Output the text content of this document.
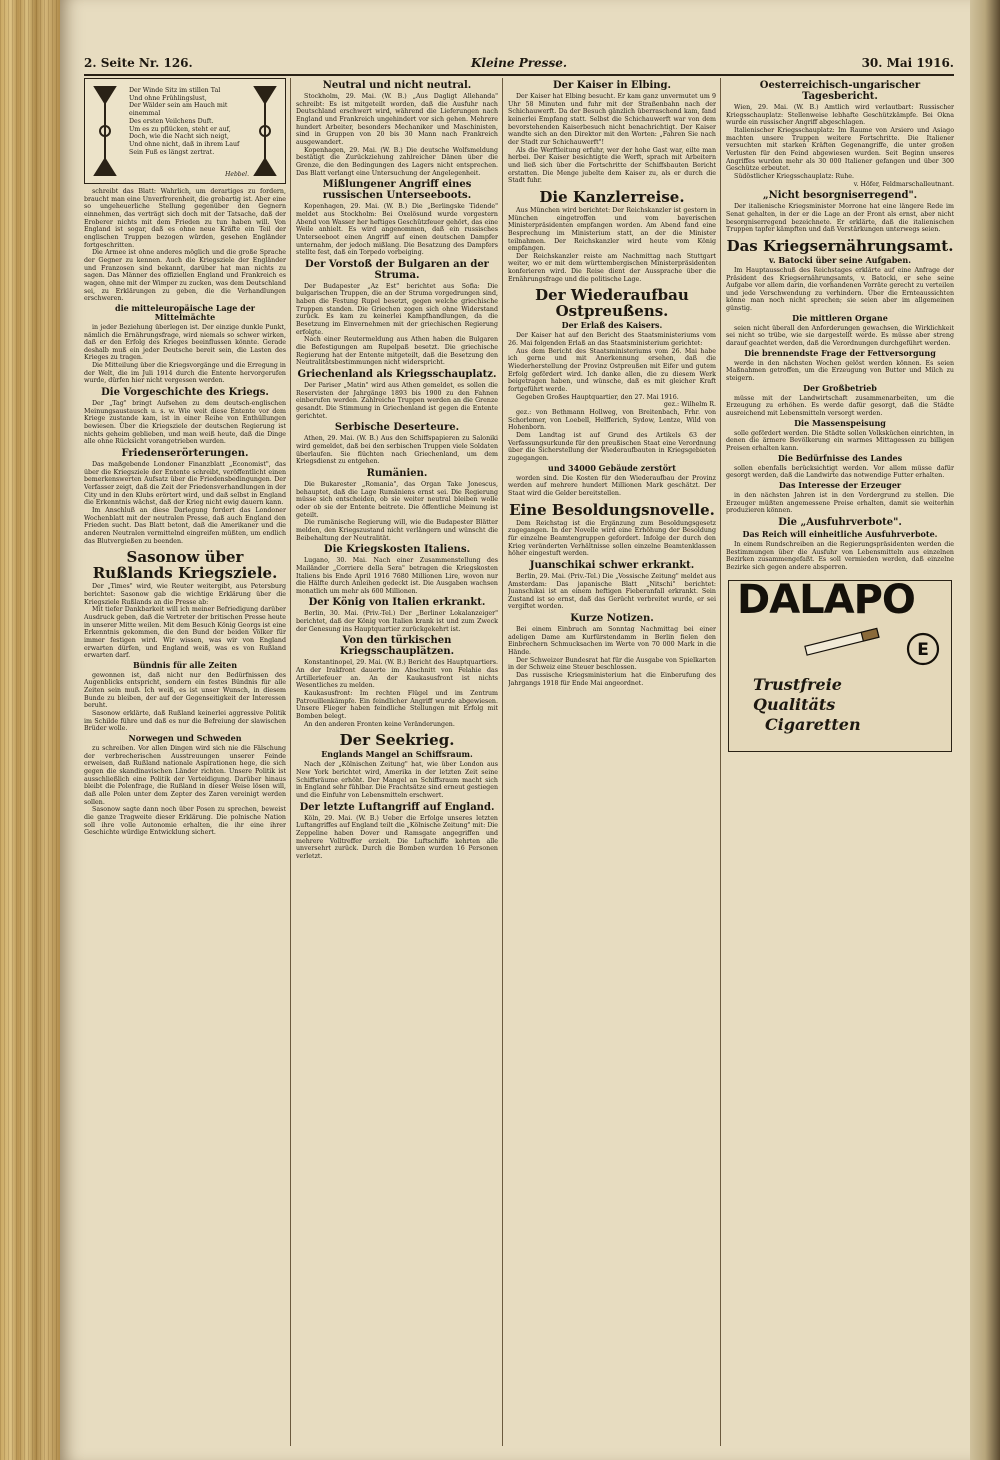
2. Seite Nr. 126.	Kleine Presse.	30. Mai 1916.
Der Winde Sitz im stillen Tal
Und ohne Frühlingslust,
Der Wälder sein am Hauch mit einemmal
Des ersten Veilchens Duft.
Um es zu pflücken, steht er auf,
Doch, wie die Nacht sich neigt,
Und ohne nicht, daß in ihrem Lauf
Sein Fuß es längst zertrat.
Hebbel.

schreibt das Blatt: Wahrlich, um derartiges zu fordern, braucht man eine Unverfrorenheit, die grobartig ist. Aber eine so ungeheuerliche Stellung gegenüber den Gegnern einnehmen, das verträgt sich doch mit der Tatsache, daß der Eroberer nichts mit dem Frieden zu tun haben will. Von England ist sogar, daß es ohne neue Kräfte ein Teil der englischen Truppen bezogen würden, gesehen Engländer fortgeschritten.

Die Armee ist ohne anderes möglich und die große Sprache der Gegner zu kennen. Auch die Kriegsziele der Engländer und Franzosen sind bekannt, darüber hat man nichts zu sagen. Das Männer des offiziellen England und Frankreich es wagen, ohne mit der Wimper zu zucken, was dem Deutschland sei, zu Erklärungen zu geben, die die Verhandlungen erschweren.

die mitteleuropäische Lage der Mittelmächte

in jeder Beziehung überlegen ist. Der einzige dunkle Punkt, nämlich die Ernährungsfrage, wird niemals so schwer wirken, daß er den Erfolg des Krieges beeinflussen könnte. Gerade deshalb muß ein jeder Deutsche bereit sein, die Lasten des Krieges zu tragen.

Die Mitteilung über die Kriegsvorgänge und die Erregung in der Welt, die im Juli 1914 durch die Entente hervorgerufen wurde, dürfen hier nicht vergessen werden.

Die Vorgeschichte des Kriegs.

Der „Tag" bringt Aufsehen zu dem deutsch-englischen Meinungsaustausch u. s. w. Wie weit diese Entente vor dem Kriege zustande kam, ist in einer Reihe von Enthüllungen bewiesen. Über die Kriegsziele der deutschen Regierung ist nichts geheim geblieben, und man weiß heute, daß die Dinge alle ohne Rücksicht vorangetrieben wurden.

Friedenserörterungen.

Das maßgebende Londoner Finanzblatt „Economist", das über die Kriegsziele der Entente schreibt, veröffentlicht einen bemerkenswerten Aufsatz über die Friedensbedingungen. Der Verfasser zeigt, daß die Zeit der Friedensverhandlungen in der City und in den Klubs erörtert wird, und daß selbst in England die Erkenntnis wächst, daß der Krieg nicht ewig dauern kann.

Im Anschluß an diese Darlegung fordert das Londoner Wochenblatt mit der neutralen Presse, daß auch England den Frieden sucht. Das Blatt betont, daß die Amerikaner und die anderen Neutralen vermittelnd eingreifen müßten, um endlich das Blutvergießen zu beenden.

Sasonow über Rußlands Kriegsziele.

Der „Times" wird, wie Reuter weitergibt, aus Petersburg berichtet: Sasonow gab die wichtige Erklärung über die Kriegsziele Rußlands an die Presse ab:

Mit tiefer Dankbarkeit will ich meiner Befriedigung darüber Ausdruck geben, daß die Vertreter der britischen Presse heute in unserer Mitte weilen. Mit dem Besuch König Georgs ist eine Erkenntnis gekommen, die den Bund der beiden Völker für immer festigen wird. Wir wissen, was wir von England erwarten dürfen, und England weiß, was es von Rußland erwarten darf.

Bündnis für alle Zeiten

gewonnen ist, daß nicht nur den Bedürfnissen des Augenblicks entspricht, sondern ein festes Bündnis für alle Zeiten sein muß. Ich weiß, es ist unser Wunsch, in diesem Bunde zu bleiben, der auf der Gegenseitigkeit der Interessen beruht.

Sasonow erklärte, daß Rußland keinerlei aggressive Politik im Schilde führe und daß es nur die Befreiung der slawischen Brüder wolle.

Norwegen und Schweden

zu schreiben. Vor allen Dingen wird sich nie die Fälschung der verbrecherischen Ausstreuungen unserer Feinde erweisen, daß Rußland nationale Aspirationen hege, die sich gegen die skandinavischen Länder richten. Unsere Politik ist ausschließlich eine Politik der Verteidigung. Darüber hinaus bleibt die Polenfrage, die Rußland in dieser Weise lösen will, daß alle Polen unter dem Zepter des Zaren vereinigt werden sollen.

Sasonow sagte dann noch über Posen zu sprechen, beweist die ganze Tragweite dieser Erklärung. Die polnische Nation soll ihre volle Autonomie erhalten, die ihr eine ihrer Geschichte würdige Entwicklung sichert.

Neutral und nicht neutral.

Stockholm, 29. Mai. (W. B.) „Aus Dagligt Allehanda" schreibt: Es ist mitgeteilt worden, daß die Ausfuhr nach Deutschland erschwert wird, während die Lieferungen nach England und Frankreich ungehindert vor sich gehen. Mehrere hundert Arbeiter, besonders Mechaniker und Maschinisten, sind in Gruppen von 20 bis 30 Mann nach Frankreich ausgewandert.

Kopenhagen, 29. Mai. (W. B.) Die deutsche Wolfsmeldung bestätigt die Zurückziehung zahlreicher Dänen über die Grenze, die den Bedingungen des Lagers nicht entsprechen. Das Blatt verlangt eine Untersuchung der Angelegenheit.

Mißlungener Angriff eines russischen Unterseeboots.

Kopenhagen, 29. Mai. (W. B.) Die „Berlingske Tidende" meldet aus Stockholm: Bei Oxelösund wurde vorgestern Abend von Wasser her heftiges Geschützfeuer gehört, das eine Weile anhielt. Es wird angenommen, daß ein russisches Unterseeboot einen Angriff auf einen deutschen Dampfer unternahm, der jedoch mißlang. Die Besatzung des Dampfers stellte fest, daß ein Torpedo vorbeiging.

Der Vorstoß der Bulgaren an der Struma.

Der Budapester „Az Est" berichtet aus Sofia: Die bulgarischen Truppen, die an der Struma vorgedrungen sind, haben die Festung Rupel besetzt, gegen welche griechische Truppen standen. Die Griechen zogen sich ohne Widerstand zurück. Es kam zu keinerlei Kampfhandlungen, da die Besetzung im Einvernehmen mit der griechischen Regierung erfolgte.

Nach einer Reutermeldung aus Athen haben die Bulgaren die Befestigungen am Rupelpaß besetzt. Die griechische Regierung hat der Entente mitgeteilt, daß die Besetzung den Neutralitätsbestimmungen nicht widerspricht.

Griechenland als Kriegsschauplatz.

Der Pariser „Matin" wird aus Athen gemeldet, es sollen die Reservisten der Jahrgänge 1893 bis 1900 zu den Fahnen einberufen werden. Zahlreiche Truppen werden an die Grenze gesandt. Die Stimmung in Griechenland ist gegen die Entente gerichtet.

Serbische Deserteure.

Athen, 29. Mai. (W. B.) Aus den Schiffspapieren zu Saloniki wird gemeldet, daß bei den serbischen Truppen viele Soldaten überlaufen. Sie flüchten nach Griechenland, um dem Kriegsdienst zu entgehen.

Rumänien.

Die Bukarester „Romania", das Organ Take Jonescus, behauptet, daß die Lage Rumäniens ernst sei. Die Regierung müsse sich entscheiden, ob sie weiter neutral bleiben wolle oder ob sie der Entente beitrete. Die öffentliche Meinung ist geteilt.

Die rumänische Regierung will, wie die Budapester Blätter melden, den Kriegszustand nicht verlängern und wünscht die Beibehaltung der Neutralität.

Die Kriegskosten Italiens.

Lugano, 30. Mai. Nach einer Zusammenstellung des Mailänder „Corriere della Sera" betragen die Kriegskosten Italiens bis Ende April 1916 7680 Millionen Lire, wovon nur die Hälfte durch Anleihen gedeckt ist. Die Ausgaben wachsen monatlich um mehr als 600 Millionen.

Der König von Italien erkrankt.

Berlin, 30. Mai. (Priv.-Tel.) Der „Berliner Lokalanzeiger" berichtet, daß der König von Italien krank ist und zum Zweck der Genesung ins Hauptquartier zurückgekehrt ist.

Von den türkischen Kriegsschauplätzen.

Konstantinopel, 29. Mai. (W. B.) Bericht des Hauptquartiers. An der Irakfront dauerte im Abschnitt von Felahie das Artilleriefeuer an. An der Kaukasusfront ist nichts Wesentliches zu melden.

Kaukasusfront: Im rechten Flügel und im Zentrum Patrouillenkämpfe. Ein feindlicher Angriff wurde abgewiesen. Unsere Flieger haben feindliche Stellungen mit Erfolg mit Bomben belegt.

An den anderen Fronten keine Veränderungen.

Der Seekrieg.
Englands Mangel an Schiffsraum.

Nach der „Kölnischen Zeitung" hat, wie über London aus New York berichtet wird, Amerika in der letzten Zeit seine Schiffsräume erhöht. Der Mangel an Schiffsraum macht sich in England sehr fühlbar. Die Frachtsätze sind erneut gestiegen und die Einfuhr von Lebensmitteln erschwert.

Der letzte Luftangriff auf England.

Köln, 29. Mai. (W. B.) Ueber die Erfolge unseres letzten Luftangriffes auf England teilt die „Kölnische Zeitung" mit: Die Zeppeline haben Dover und Ramsgate angegriffen und mehrere Volltreffer erzielt. Die Luftschiffe kehrten alle unversehrt zurück. Durch die Bomben wurden 16 Personen verletzt.

Der Kaiser in Elbing.

Der Kaiser hat Elbing besucht. Er kam ganz unvermutet um 9 Uhr 58 Minuten und fuhr mit der Straßenbahn nach der Schichauwerft. Da der Besuch gänzlich überraschend kam, fand keinerlei Empfang statt. Selbst die Schichauwerft war von dem bevorstehenden Kaiserbesuch nicht benachrichtigt. Der Kaiser wandte sich an den Direktor mit den Worten: „Fahren Sie nach der Stadt zur Schichauwerft"!

Als die Werftleitung erfuhr, wer der hohe Gast war, eilte man herbei. Der Kaiser besichtigte die Werft, sprach mit Arbeitern und ließ sich über die Fortschritte der Schiffsbauten Bericht erstatten. Die Menge jubelte dem Kaiser zu, als er durch die Stadt fuhr.

Die Kanzlerreise.

Aus München wird berichtet: Der Reichskanzler ist gestern in München eingetroffen und vom bayerischen Ministerpräsidenten empfangen worden. Am Abend fand eine Besprechung im Ministerium statt, an der die Minister teilnahmen. Der Reichskanzler wird heute vom König empfangen.

Der Reichskanzler reiste am Nachmittag nach Stuttgart weiter, wo er mit dem württembergischen Ministerpräsidenten konferieren wird. Die Reise dient der Aussprache über die Ernährungsfrage und die politische Lage.

Der Wiederaufbau Ostpreußens.
Der Erlaß des Kaisers.

Der Kaiser hat auf den Bericht des Staatsministeriums vom 26. Mai folgenden Erlaß an das Staatsministerium gerichtet:

Aus dem Bericht des Staatsministeriums vom 26. Mai habe ich gerne und mit Anerkennung ersehen, daß die Wiederherstellung der Provinz Ostpreußen mit Eifer und gutem Erfolg gefördert wird. Ich danke allen, die zu diesem Werk beigetragen haben, und wünsche, daß es mit gleicher Kraft fortgeführt werde.

Gegeben Großes Hauptquartier, den 27. Mai 1916.

gez.: Wilhelm R.

gez.: von Bethmann Hollweg, von Breitenbach, Frhr. von Schorlemer, von Loebell, Helfferich, Sydow, Lentze, Wild von Hohenborn.

Dem Landtag ist auf Grund des Artikels 63 der Verfassungsurkunde für den preußischen Staat eine Verordnung über die Sicherstellung der Wiederaufbauten in Kriegsgebieten zugegangen.

und 34000 Gebäude zerstört

worden sind. Die Kosten für den Wiederaufbau der Provinz werden auf mehrere hundert Millionen Mark geschätzt. Der Staat wird die Gelder bereitstellen.

Eine Besoldungsnovelle.

Dem Reichstag ist die Ergänzung zum Besoldungsgesetz zugegangen. In der Novelle wird eine Erhöhung der Besoldung für einzelne Beamtengruppen gefordert. Infolge der durch den Krieg veränderten Verhältnisse sollen einzelne Beamtenklassen höher eingestuft werden.

Juanschikai schwer erkrankt.

Berlin, 29. Mai. (Priv.-Tel.) Die „Vossische Zeitung" meldet aus Amsterdam: Das japanische Blatt „Nitschi" berichtet: Juanschikai ist an einem heftigen Fieberanfall erkrankt. Sein Zustand ist so ernst, daß das Gerücht verbreitet wurde, er sei vergiftet worden.

Kurze Notizen.

Bei einem Einbruch am Sonntag Nachmittag bei einer adeligen Dame am Kurfürstendamm in Berlin fielen den Einbrechern Schmucksachen im Werte von 70 000 Mark in die Hände.

Der Schweizer Bundesrat hat für die Ausgabe von Spielkarten in der Schweiz eine Steuer beschlossen.

Das russische Kriegsministerium hat die Einberufung des Jahrgangs 1918 für Ende Mai angeordnet.

Oesterreichisch-ungarischer Tagesbericht.

Wien, 29. Mai. (W. B.) Amtlich wird verlautbart: Russischer Kriegsschauplatz: Stellenweise lebhafte Geschützkämpfe. Bei Okna wurde ein russischer Angriff abgeschlagen.

Italienischer Kriegsschauplatz: Im Raume von Arsiero und Asiago machten unsere Truppen weitere Fortschritte. Die Italiener versuchten mit starken Kräften Gegenangriffe, die unter großen Verlusten für den Feind abgewiesen wurden. Seit Beginn unseres Angriffes wurden mehr als 30 000 Italiener gefangen und über 300 Geschütze erbeutet.

Südöstlicher Kriegsschauplatz: Ruhe.

v. Höfer, Feldmarschalleutnant.

„Nicht besorgniserregend".

Der italienische Kriegsminister Morrone hat eine längere Rede im Senat gehalten, in der er die Lage an der Front als ernst, aber nicht besorgniserregend bezeichnete. Er erklärte, daß die italienischen Truppen tapfer kämpften und daß Verstärkungen unterwegs seien.

Das Kriegsernährungsamt.
v. Batocki über seine Aufgaben.

Im Hauptausschuß des Reichstages erklärte auf eine Anfrage der Präsident des Kriegsernährungsamts, v. Batocki, er sehe seine Aufgabe vor allem darin, die vorhandenen Vorräte gerecht zu verteilen und jede Verschwendung zu verhindern. Über die Ernteaussichten könne man noch nicht sprechen; sie seien aber im allgemeinen günstig.

Die mittleren Organe

seien nicht überall den Anforderungen gewachsen, die Wirklichkeit sei nicht so trübe, wie sie dargestellt werde. Es müsse aber streng darauf geachtet werden, daß die Verordnungen durchgeführt werden.

Die brennendste Frage der Fettversorgung

werde in den nächsten Wochen gelöst werden können. Es seien Maßnahmen getroffen, um die Erzeugung von Butter und Milch zu steigern.

Der Großbetrieb

müsse mit der Landwirtschaft zusammenarbeiten, um die Erzeugung zu erhöhen. Es werde dafür gesorgt, daß die Städte ausreichend mit Lebensmitteln versorgt werden.

Die Massenspeisung

solle gefördert werden. Die Städte sollen Volksküchen einrichten, in denen die ärmere Bevölkerung ein warmes Mittagessen zu billigen Preisen erhalten kann.

Die Bedürfnisse des Landes

sollen ebenfalls berücksichtigt werden. Vor allem müsse dafür gesorgt werden, daß die Landwirte das notwendige Futter erhalten.

Das Interesse der Erzeuger

in den nächsten Jahren ist in den Vordergrund zu stellen. Die Erzeuger müßten angemessene Preise erhalten, damit sie weiterhin produzieren können.

Die „Ausfuhrverbote".
Das Reich will einheitliche Ausfuhrverbote.

In einem Rundschreiben an die Regierungspräsidenten werden die Bestimmungen über die Ausfuhr von Lebensmitteln aus einzelnen Bezirken zusammengefaßt. Es soll vermieden werden, daß einzelne Bezirke sich gegen andere absperren.

DALAPO
E
Trustfreie
Qualitäts
Cigaretten
